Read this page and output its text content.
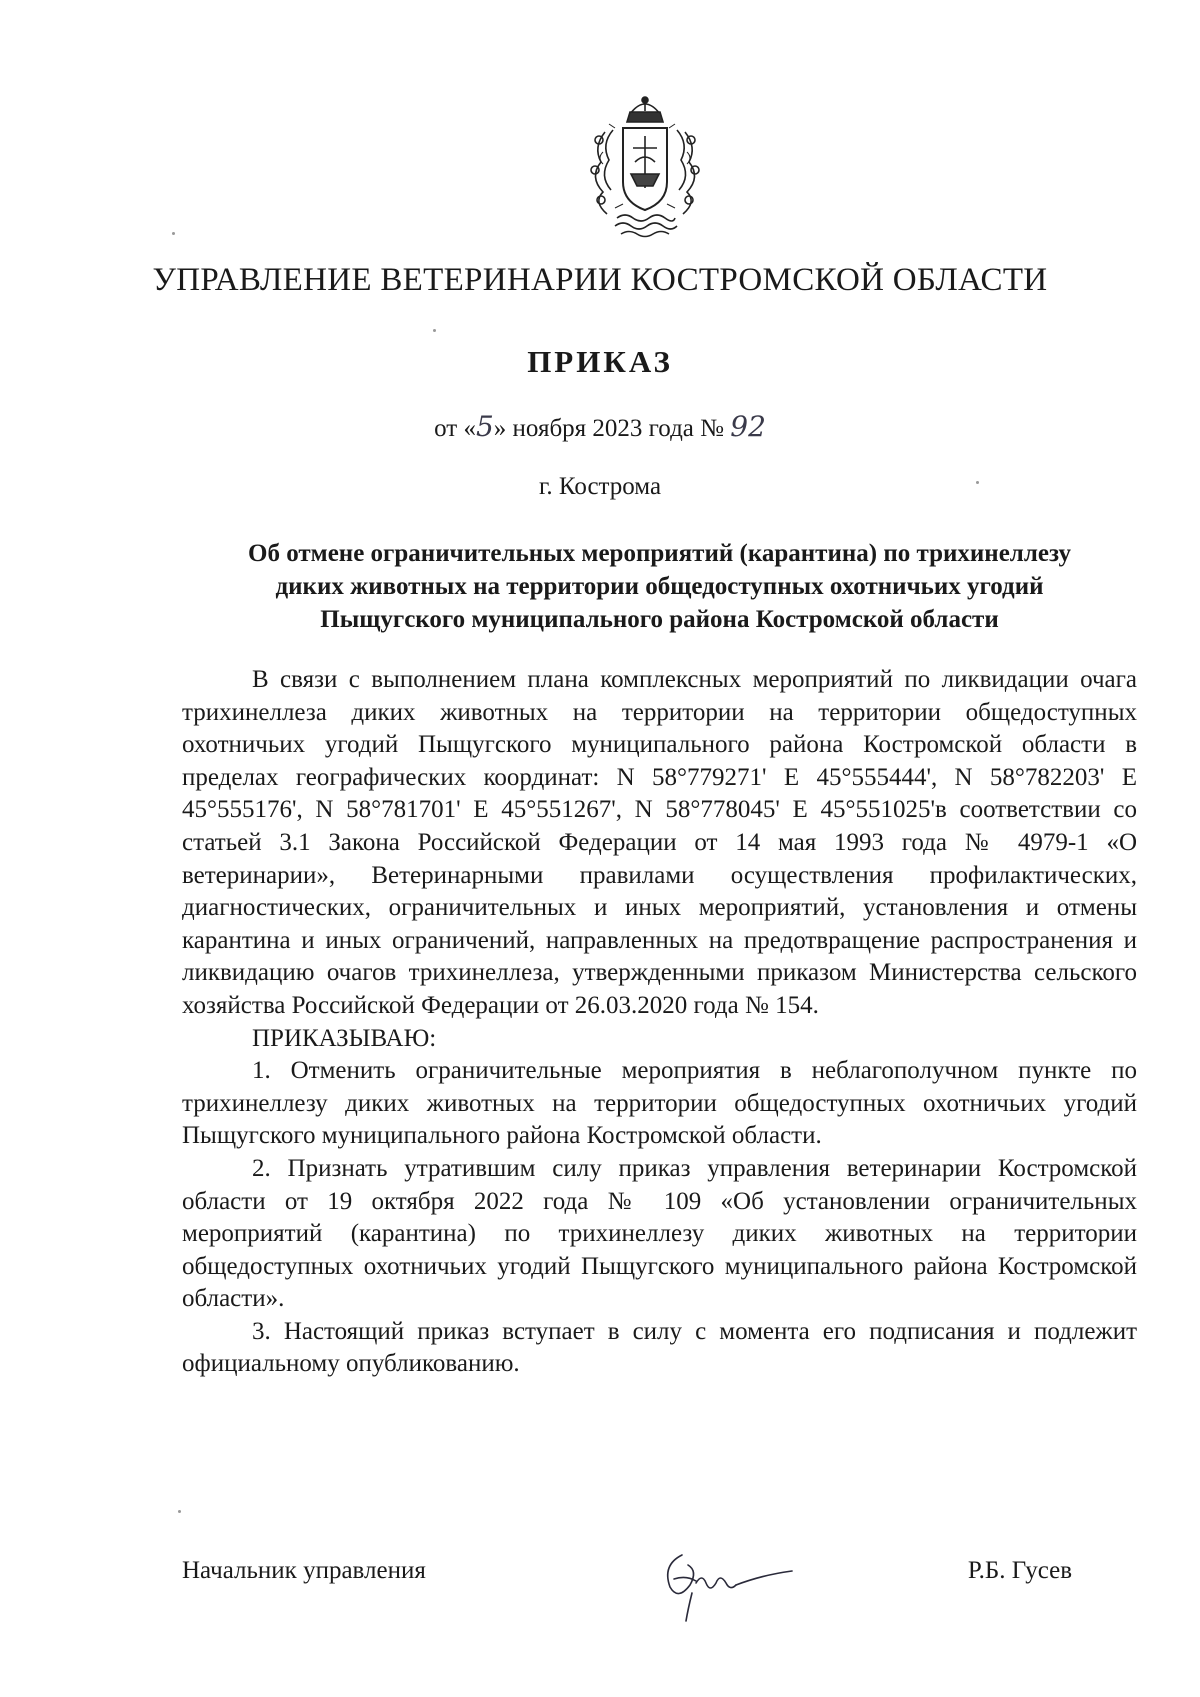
УПРАВЛЕНИЕ ВЕТЕРИНАРИИ КОСТРОМСКОЙ ОБЛАСТИ
ПРИКАЗ
от «5» ноября 2023 года № 92
г. Кострома
Об отмене ограничительных мероприятий (карантина) по трихинеллезу
диких животных на территории общедоступных охотничьих угодий
Пыщугского муниципального района Костромской области

В связи с выполнением плана комплексных мероприятий по ликвидации очага трихинеллеза диких животных на территории на территории общедоступных охотничьих угодий Пыщугского муниципального района Костромской области в пределах географических координат: N 58°779271' E 45°555444', N 58°782203' E 45°555176', N 58°781701' E 45°551267', N 58°778045' E 45°551025'в соответствии со статьей 3.1 Закона Российской Федерации от 14 мая 1993 года № 4979-1 «О ветеринарии», Ветеринарными правилами осуществления профилактических, диагностических, ограничительных и иных мероприятий, установления и отмены карантина и иных ограничений, направленных на предотвращение распространения и ликвидацию очагов трихинеллеза, утвержденными приказом Министерства сельского хозяйства Российской Федерации от 26.03.2020 года № 154.

ПРИКАЗЫВАЮ:

1. Отменить ограничительные мероприятия в неблагополучном пункте по трихинеллезу диких животных на территории общедоступных охотничьих угодий Пыщугского муниципального района Костромской области.

2. Признать утратившим силу приказ управления ветеринарии Костромской области от 19 октября 2022 года № 109 «Об установлении ограничительных мероприятий (карантина) по трихинеллезу диких животных на территории общедоступных охотничьих угодий Пыщугского муниципального района Костромской области».

3. Настоящий приказ вступает в силу с момента его подписания и подлежит официальному опубликованию.

Начальник управления	Р.Б. Гусев
